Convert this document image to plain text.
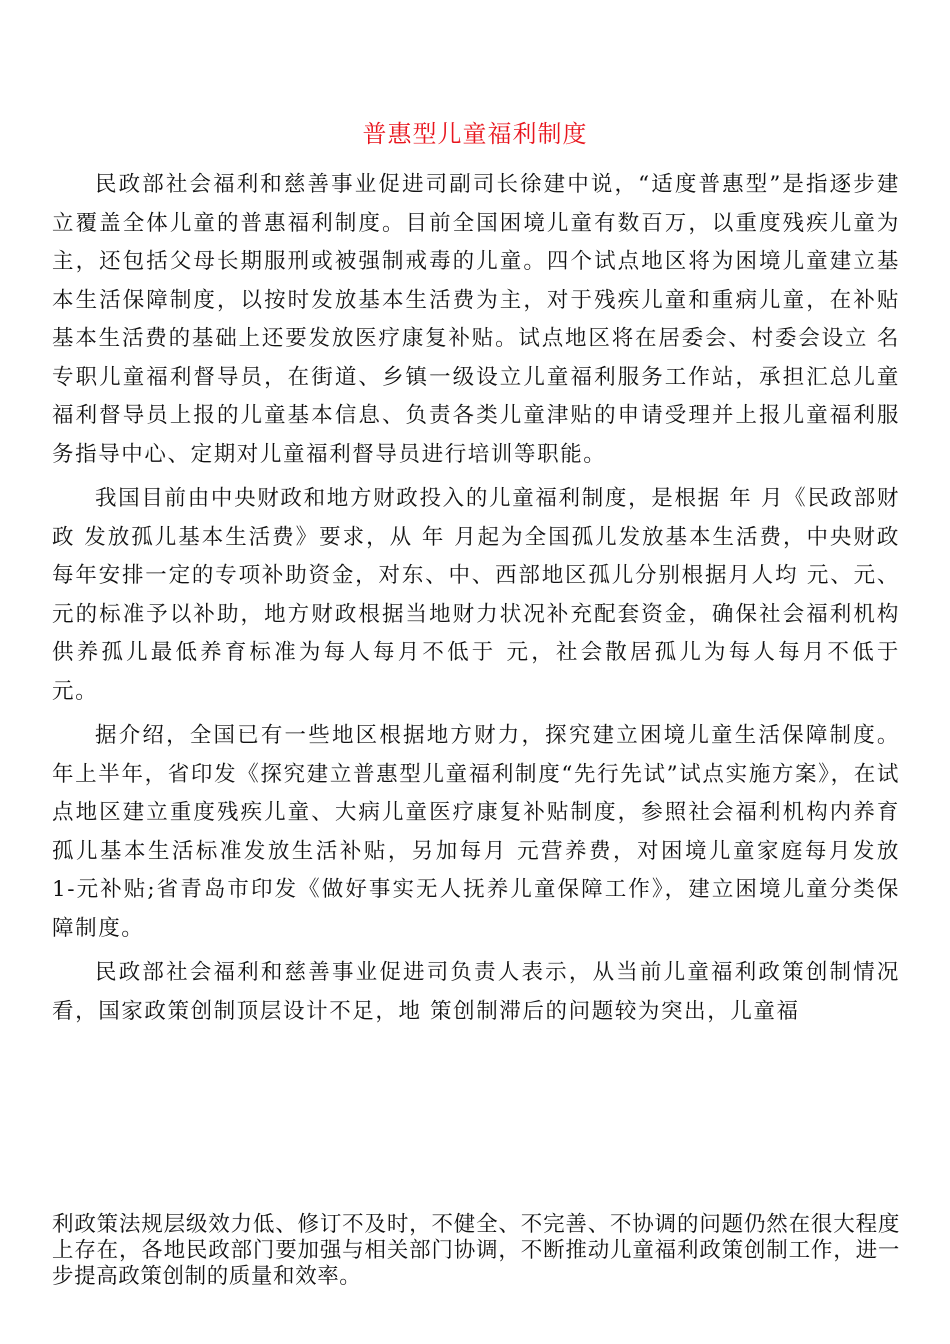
普惠型儿童福利制度

民政部社会福利和慈善事业促进司副司长徐建中说，“适度普惠型”是指逐步建立覆盖全体儿童的普惠福利制度。目前全国困境儿童有数百万，以重度残疾儿童为主，还包括父母长期服刑或被强制戒毒的儿童。四个试点地区将为困境儿童建立基本生活保障制度，以按时发放基本生活费为主，对于残疾儿童和重病儿童，在补贴基本生活费的基础上还要发放医疗康复补贴。试点地区将在居委会、村委会设立 名专职儿童福利督导员，在街道、乡镇一级设立儿童福利服务工作站，承担汇总儿童福利督导员上报的儿童基本信息、负责各类儿童津贴的申请受理并上报儿童福利服务指导中心、定期对儿童福利督导员进行培训等职能。

我国目前由中央财政和地方财政投入的儿童福利制度，是根据 年 月《民政部财政 发放孤儿基本生活费》要求，从 年 月起为全国孤儿发放基本生活费，中央财政每年安排一定的专项补助资金，对东、中、西部地区孤儿分别根据月人均 元、元、元的标准予以补助，地方财政根据当地财力状况补充配套资金，确保社会福利机构供养孤儿最低养育标准为每人每月不低于 元，社会散居孤儿为每人每月不低于 元。

据介绍，全国已有一些地区根据地方财力，探究建立困境儿童生活保障制度。年上半年，省印发《探究建立普惠型儿童福利制度“先行先试”试点实施方案》，在试点地区建立重度残疾儿童、大病儿童医疗康复补贴制度，参照社会福利机构内养育孤儿基本生活标准发放生活补贴，另加每月 元营养费，对困境儿童家庭每月发放 1-元补贴;省青岛市印发《做好事实无人抚养儿童保障工作》，建立困境儿童分类保障制度。

民政部社会福利和慈善事业促进司负责人表示，从当前儿童福利政策创制情况看，国家政策创制顶层设计不足，地 策创制滞后的问题较为突出，儿童福

利政策法规层级效力低、修订不及时，不健全、不完善、不协调的问题仍然在很大程度上存在，各地民政部门要加强与相关部门协调，不断推动儿童福利政策创制工作，进一步提高政策创制的质量和效率。
